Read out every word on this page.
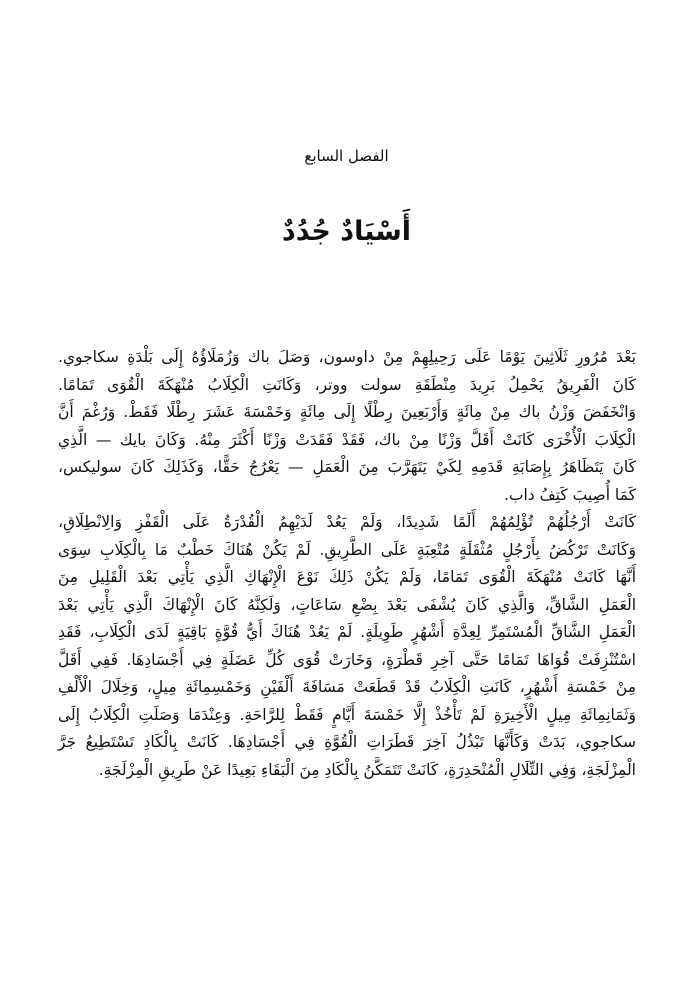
الفصل السابع
أَسْيَادٌ جُدُدٌ

بَعْدَ مُرُورِ ثَلَاثِينَ يَوْمًا عَلَى رَحِيلِهِمْ مِنْ داوسون، وَصَلَ باك وَزُمَلَاؤُهُ إِلَى بَلْدَةِ سكاجوي.
كَانَ الْفَرِيقُ يَحْمِلُ بَرِيدَ مِنْطَقَةِ سولت ووتر، وَكَانَتِ الْكِلَابُ مُنْهَكَةَ الْقُوَى تَمَامًا.
وَانْخَفَضَ وَزْنُ باك مِنْ مِائَةٍ وَأَرْبَعِينَ رِطْلًا إِلَى مِائَةٍ وَخَمْسَةَ عَشَرَ رِطْلًا فَقَطْ. وَرُغْمَ أَنَّ
الْكِلَابَ الْأُخْرَى كَانَتْ أَقَلَّ وَزْنًا مِنْ باك، فَقَدْ فَقَدَتْ وَزْنًا أَكْثَرَ مِنْهُ. وَكَانَ بايك — الَّذِي
كَانَ يَتَظَاهَرُ بِإِصَابَةِ قَدَمِهِ لِكَيْ يَتَهَرَّبَ مِنَ الْعَمَلِ — يَعْرُجُ حَقًّا، وَكَذَلِكَ كَانَ سوليكس،
كَمَا أُصِيبَ كَتِفُ داب.

كَانَتْ أَرْجُلُهُمْ تُؤْلِمُهُمْ أَلَمًا شَدِيدًا، وَلَمْ يَعُدْ لَدَيْهِمُ الْقُدْرَةُ عَلَى الْقَفْزِ وَالِانْطِلَاقِ،
وَكَانَتْ تَرْكُضُ بِأَرْجُلٍ مُثْقَلَةٍ مُتْعِبَةٍ عَلَى الطَّرِيقِ. لَمْ يَكُنْ هُنَاكَ خَطْبٌ مَا بِالْكِلَابِ سِوَى
أَنَّهَا كَانَتْ مُنْهَكَةَ الْقُوَى تَمَامًا، وَلَمْ يَكُنْ ذَلِكَ نَوْعَ الْإِنْهَاكِ الَّذِي يَأْتِي بَعْدَ الْقَلِيلِ مِنَ
الْعَمَلِ الشَّاقِّ، وَالَّذِي كَانَ يُشْفَى بَعْدَ بِضْعِ سَاعَاتٍ، وَلَكِنَّهُ كَانَ الْإِنْهَاكَ الَّذِي يَأْتِي بَعْدَ
الْعَمَلِ الشَّاقِّ الْمُسْتَمِرِّ لِعِدَّةِ أَشْهُرٍ طَوِيلَةٍ. لَمْ يَعُدْ هُنَاكَ أَيُّ قُوَّةٍ بَاقِيَةٍ لَدَى الْكِلَابِ، فَقَدِ
اسْتُنْزِفَتْ قُوَاهَا تَمَامًا حَتَّى آخِرِ قَطْرَةٍ، وَخَارَتْ قُوَى كُلِّ عَضَلَةٍ فِي أَجْسَادِهَا. فَفِي أَقَلَّ
مِنْ خَمْسَةِ أَشْهُرٍ، كَانَتِ الْكِلَابُ قَدْ قَطَعَتْ مَسَافَةَ أَلْفَيْنِ وَخَمْسِمِائَةِ مِيلٍ، وَخِلَالَ الْأَلْفِ
وَثَمَانِمِائَةِ مِيلٍ الْأَخِيرَةِ لَمْ تَأْخُذْ إِلَّا خَمْسَةَ أَيَّامٍ فَقَطْ لِلرَّاحَةِ. وَعِنْدَمَا وَصَلَتِ الْكِلَابُ إِلَى
سكاجوي، بَدَتْ وَكَأَنَّهَا تَبْذُلُ آخِرَ قَطَرَاتِ الْقُوَّةِ فِي أَجْسَادِهَا. كَانَتْ بِالْكَادِ تَسْتَطِيعُ جَرَّ
الْمِزْلَجَةِ، وَفِي التِّلَالِ الْمُنْحَدِرَةِ، كَانَتْ تَتَمَكَّنُ بِالْكَادِ مِنَ الْبَقَاءِ بَعِيدًا عَنْ طَرِيقِ الْمِزْلَجَةِ.
